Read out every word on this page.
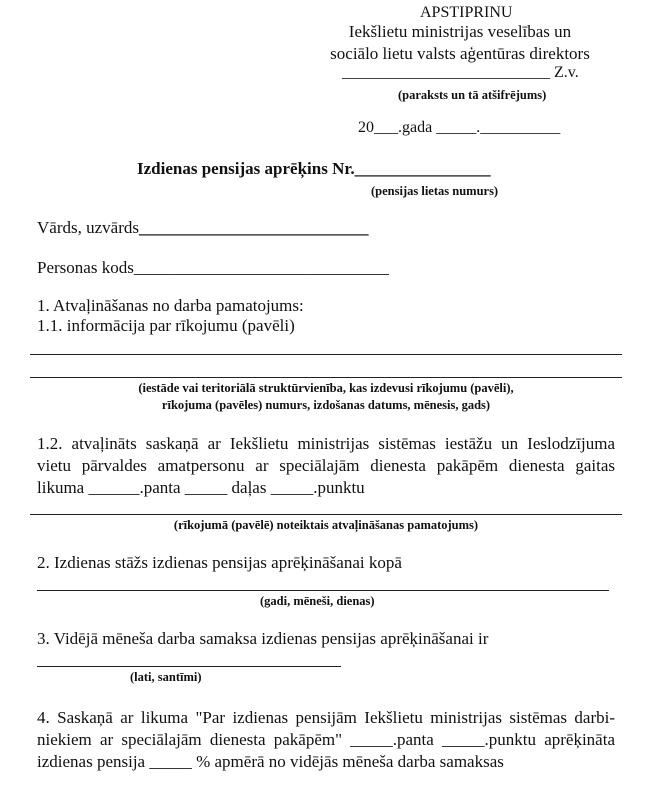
APSTIPRINU
Iekšlietu ministrijas veselības un
sociālo lietu valsts aģentūras direktors
__________________________ Z.v.
(paraksts un tā atšifrējums)
20___.gada _____.__________
Izdienas pensijas aprēķins Nr.________________
(pensijas lietas numurs)
Vārds, uzvārds___________________________
Personas kods______________________________
1. Atvaļināšanas no darba pamatojums:
1.1. informācija par rīkojumu (pavēli)
(iestāde vai teritoriālā struktūrvienība, kas izdevusi rīkojumu (pavēli),
rīkojuma (pavēles) numurs, izdošanas datums, mēnesis, gads)
1.2. atvaļināts saskaņā ar Iekšlietu ministrijas sistēmas iestāžu un Ieslodzījuma
vietu pārvaldes amatpersonu ar speciālajām dienesta pakāpēm dienesta gaitas
likuma ______.panta _____ daļas _____.punktu
(rīkojumā (pavēlē) noteiktais atvaļināšanas pamatojums)
2. Izdienas stāžs izdienas pensijas aprēķināšanai kopā
(gadi, mēneši, dienas)
3. Vidējā mēneša darba samaksa izdienas pensijas aprēķināšanai ir
(lati, santīmi)
4. Saskaņā ar likuma "Par izdienas pensijām Iekšlietu ministrijas sistēmas darbi-
niekiem ar speciālajām dienesta pakāpēm" _____.panta _____.punktu aprēķināta
izdienas pensija _____ % apmērā no vidējās mēneša darba samaksas
